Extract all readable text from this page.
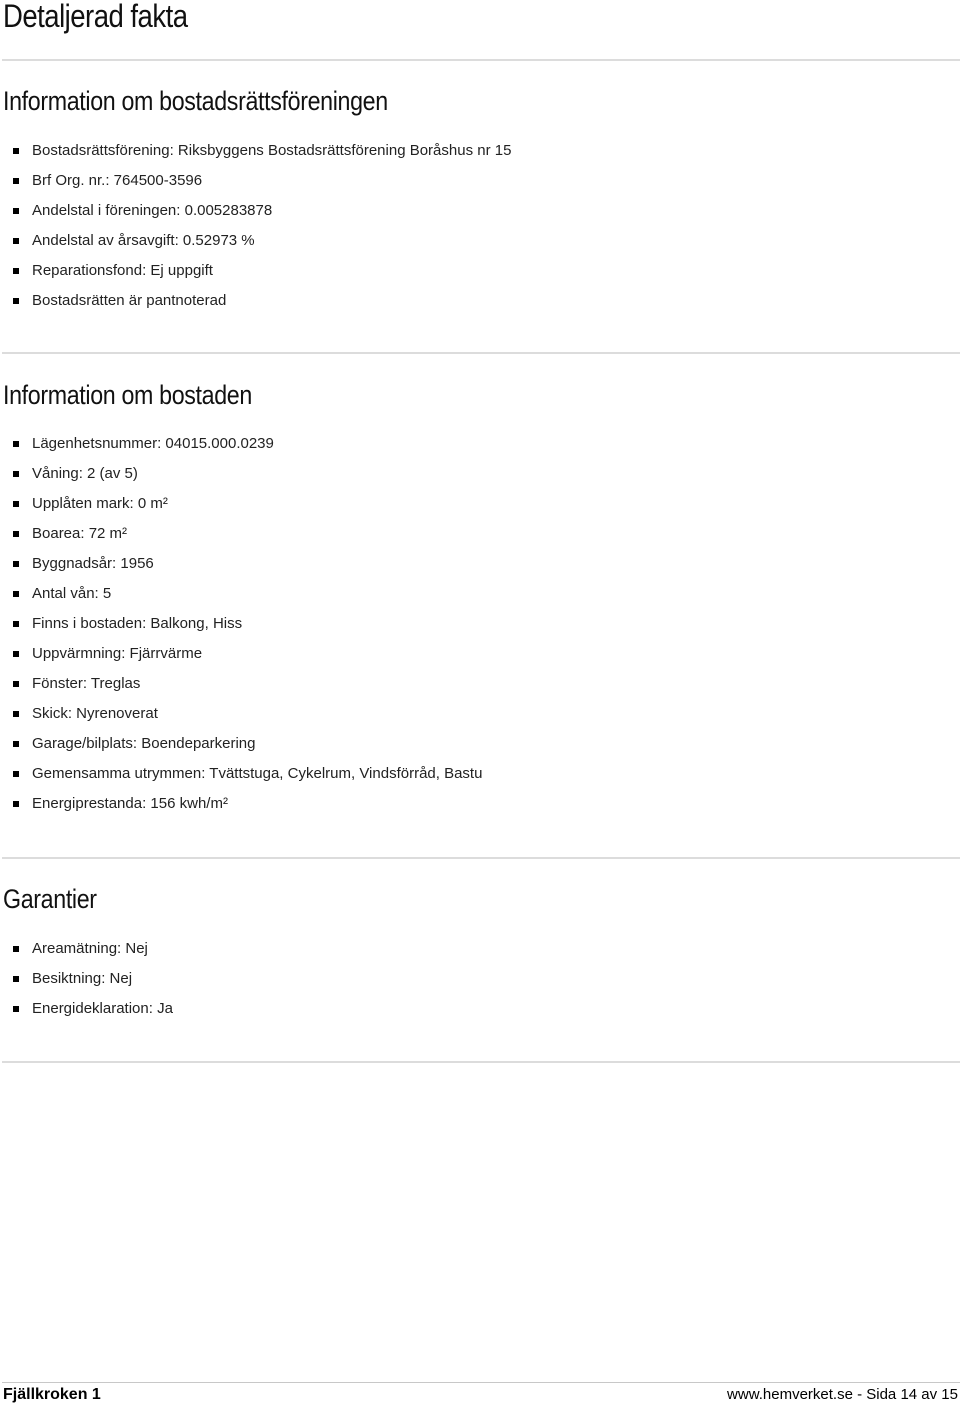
Detaljerad fakta
Information om bostadsrättsföreningen
Bostadsrättsförening: Riksbyggens Bostadsrättsförening Boråshus nr 15
Brf Org. nr.: 764500-3596
Andelstal i föreningen: 0.005283878
Andelstal av årsavgift: 0.52973 %
Reparationsfond: Ej uppgift
Bostadsrätten är pantnoterad
Information om bostaden
Lägenhetsnummer: 04015.000.0239
Våning: 2 (av 5)
Upplåten mark: 0 m²
Boarea: 72 m²
Byggnadsår: 1956
Antal vån: 5
Finns i bostaden: Balkong, Hiss
Uppvärmning: Fjärrvärme
Fönster: Treglas
Skick: Nyrenoverat
Garage/bilplats: Boendeparkering
Gemensamma utrymmen: Tvättstuga, Cykelrum, Vindsförråd, Bastu
Energiprestanda: 156 kwh/m²
Garantier
Areamätning: Nej
Besiktning: Nej
Energideklaration: Ja
Fjällkroken 1	www.hemverket.se - Sida 14 av 15
